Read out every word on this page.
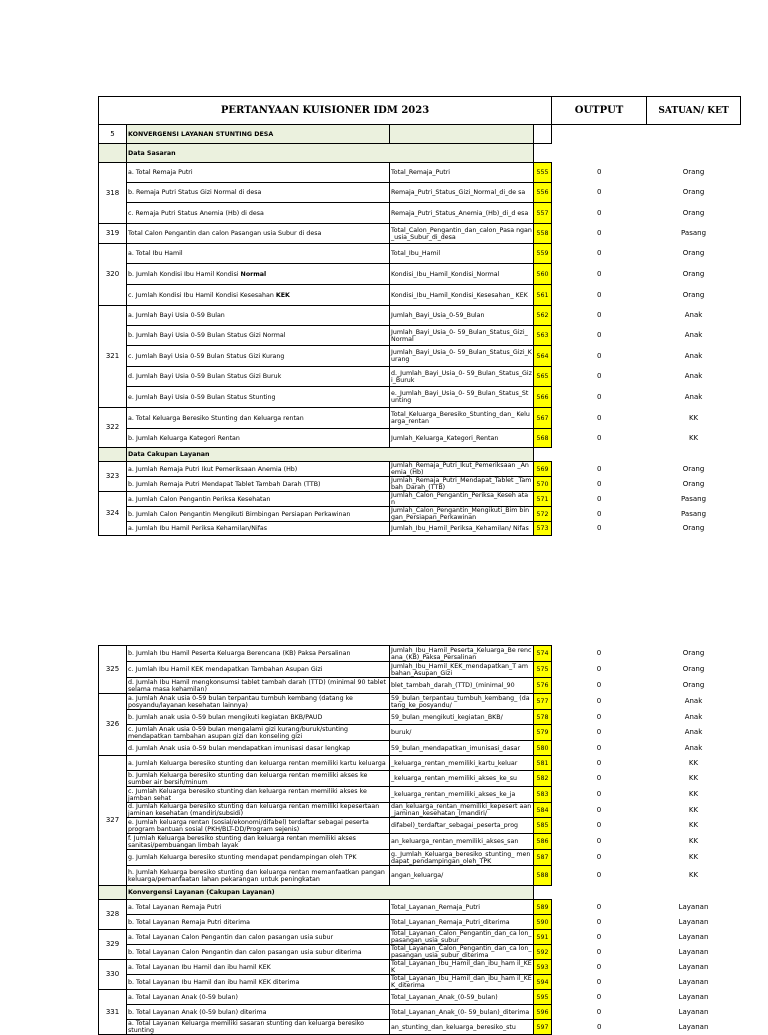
PERTANYAAN KUISIONER IDM 2023				OUTPUT	SATUAN/ KET
5	KONVERGENSI LAYANAN STUNTING DESA				
	Data Sasaran				
318	a. Total Remaja Putri	Total_Remaja_Putri	555	0	Orang
	b. Remaja Putri Status Gizi Normal di desa	Remaja_Putri_Status_Gizi_Normal_di_de sa	556	0	Orang
	c. Remaja Putri Status Anemia (Hb) di desa	Remaja_Putri_Status_Anemia_(Hb)_di_d esa	557	0	Orang
319	Total Calon Pengantin dan calon Pasangan usia Subur di desa	Total_Calon_Pengantin_dan_calon_Pasa ngan_usia_Subur_di_desa	558	0	Pasang
320	a. Total Ibu Hamil	Total_Ibu_Hamil	559	0	Orang
	b. Jumlah Kondisi Ibu Hamil Kondisi Normal	Kondisi_Ibu_Hamil_Kondisi_Normal	560	0	Orang
	c. Jumlah Kondisi Ibu Hamil Kondisi Kesesahan KEK	Kondisi_Ibu_Hamil_Kondisi_Kesesahan_ KEK	561	0	Orang
321	a. Jumlah Bayi Usia 0-59 Bulan	Jumlah_Bayi_Usia_0-59_Bulan	562	0	Anak
	b. Jumlah Bayi Usia 0-59 Bulan Status Gizi Normal	Jumlah_Bayi_Usia_0- 59_Bulan_Status_Gizi_Normal	563	0	Anak
	c. Jumlah Bayi Usia 0-59 Bulan Status Gizi Kurang	Jumlah_Bayi_Usia_0- 59_Bulan_Status_Gizi_Kurang	564	0	Anak
	d. Jumlah Bayi Usia 0-59 Bulan Status Gizi Buruk	d._Jumlah_Bayi_Usia_0- 59_Bulan_Status_Gizi_Buruk	565	0	Anak
	e. Jumlah Bayi Usia 0-59 Bulan Status Stunting	e._Jumlah_Bayi_Usia_0- 59_Bulan_Status_Stunting	566	0	Anak
322	a. Total Keluarga Beresiko Stunting dan Keluarga rentan	Total_Keluarga_Beresiko_Stunting_dan_ Keluarga_rentan	567	0	KK
	b. Jumlah Keluarga Kategori Rentan	Jumlah_Keluarga_Kategori_Rentan	568	0	KK
	Data Cakupan Layanan				
323	a. Jumlah Remaja Putri Ikut Pemeriksaan Anemia (Hb)	Jumlah_Remaja_Putri_Ikut_Pemeriksaan _Anemia_(Hb)	569	0	Orang
	b. Jumlah Remaja Putri Mendapat Tablet Tambah Darah (TTB)	Jumlah_Remaja_Putri_Mendapat_Tablet _Tambah_Darah_(TTB)	570	0	Orang
324	a. Jumlah Calon Pengantin Periksa Kesehatan	Jumlah_Calon_Pengantin_Periksa_Keseh atan	571	0	Pasang
	b. Jumlah Calon Pengantin Mengikuti Bimbingan Persiapan Perkawinan	Jumlah_Calon_Pengantin_Mengikuti_Bim bingan_Persiapan_Perkawinan	572	0	Pasang
	a. Jumlah Ibu Hamil Periksa Kehamilan/Nifas	Jumlah_Ibu_Hamil_Periksa_Kehamilan/ Nifas	573	0	Orang
325	b. Jumlah Ibu Hamil Peserta Keluarga Berencana (KB) Paksa Persalinan	Jumlah_Ibu_Hamil_Peserta_Keluarga_Be rencana_(KB)_Paksa_Persalinan	574	0	Orang
	c. Jumlah Ibu Hamil KEK mendapatkan Tambahan Asupan Gizi	Jumlah_Ibu_Hamil_KEK_mendapatkan_T ambahan_Asupan_Gizi	575	0	Orang
	d. Jumlah Ibu Hamil mengkonsumsi tablet tambah darah (TTD) (minimal 90 tablet selama masa kehamilan)	blet_tambah_darah_(TTD)_(minimal_90	576	0	Orang
326	a. Jumlah Anak usia 0-59 bulan terpantau tumbuh kembang (datang ke posyandu/layanan kesehatan lainnya)	59_bulan_terpantau_tumbuh_kembang_ (datang_ke_posyandu/	577	0	Anak
	b. Jumlah anak usia 0-59 bulan mengikuti kegiatan BKB/PAUD	59_bulan_mengikuti_kegiatan_BKB/	578	0	Anak
	c. Jumlah Anak usia 0-59 bulan mengalami gizi kurang/buruk/stunting mendapatkan tambahan asupan gizi dan konseling gizi	buruk/	579	0	Anak
	d. Jumlah Anak usia 0-59 bulan mendapatkan imunisasi dasar lengkap	59_bulan_mendapatkan_imunisasi_dasar	580	0	Anak
327	a. Jumlah Keluarga beresiko stunting dan keluarga rentan memiliki kartu keluarga	_keluarga_rentan_memiliki_kartu_keluar	581	0	KK
	b. Jumlah Keluarga beresiko stunting dan keluarga rentan memiliki akses ke sumber air bersih/minum	_keluarga_rentan_memiliki_akses_ke_su	582	0	KK
	c. Jumlah Keluarga beresiko stunting dan keluarga rentan memiliki akses ke jamban sehat	_keluarga_rentan_memiliki_akses_ke_ja	583	0	KK
	d. Jumlah Keluarga beresiko stunting dan keluarga rentan memiliki kepesertaan jaminan kesehatan (mandiri/subsidi)	dan_keluarga_rentan_memiliki_kepesert aan_jaminan_kesehatan_(mandiri/	584	0	KK
	e. Jumlah keluarga rentan (sosial/ekonomi/difabel) terdaftar sebagai peserta program bantuan sosial (PKH/BLT-DD/Program sejenis)	difabel)_terdaftar_sebagai_peserta_prog	585	0	KK
	f. Jumlah Keluarga beresiko stunting dan keluarga rentan memiliki akses sanitasi/pembuangan limbah layak	an_keluarga_rentan_memiliki_akses_san	586	0	KK
	g. Jumlah Keluarga beresiko stunting mendapat pendampingan oleh TPK	g._Jumlah_Keluarga_beresiko_stunting_ mendapat_pendampingan_oleh_TPK	587	0	KK
	h. Jumlah Keluarga beresiko stunting dan keluarga rentan memanfaatkan pangan keluarga/pemanfaatan lahan pekarangan untuk peningkatan	angan_keluarga/	588	0	KK
	Konvergensi Layanan (Cakupan Layanan)				
328	a. Total Layanan Remaja Putri	Total_Layanan_Remaja_Putri	589	0	Layanan
	b. Total Layanan Remaja Putri diterima	Total_Layanan_Remaja_Putri_diterima	590	0	Layanan
329	a. Total Layanan Calon Pengantin dan calon pasangan usia subur	Total_Layanan_Calon_Pengantin_dan_ca lon_pasangan_usia_subur	591	0	Layanan
	b. Total Layanan Calon Pengantin dan calon pasangan usia subur diterima	Total_Layanan_Calon_Pengantin_dan_ca lon_pasangan_usia_subur_diterima	592	0	Layanan
330	a. Total Layanan Ibu Hamil dan ibu hamil KEK	Total_Layanan_Ibu_Hamil_dan_ibu_ham il_KEK	593	0	Layanan
	b. Total Layanan Ibu Hamil dan ibu hamil KEK diterima	Total_Layanan_Ibu_Hamil_dan_ibu_ham il_KEK_diterima	594	0	Layanan
331	a. Total Layanan Anak (0-59 bulan)	Total_Layanan_Anak_(0-59_bulan)	595	0	Layanan
	b. Total Layanan Anak (0-59 bulan) diterima	Total_Layanan_Anak_(0- 59_bulan)_diterima	596	0	Layanan
	a. Total Layanan Keluarga memiliki sasaran stunting dan keluarga beresiko stunting	an_stunting_dan_keluarga_beresiko_stu	597	0	Layanan
